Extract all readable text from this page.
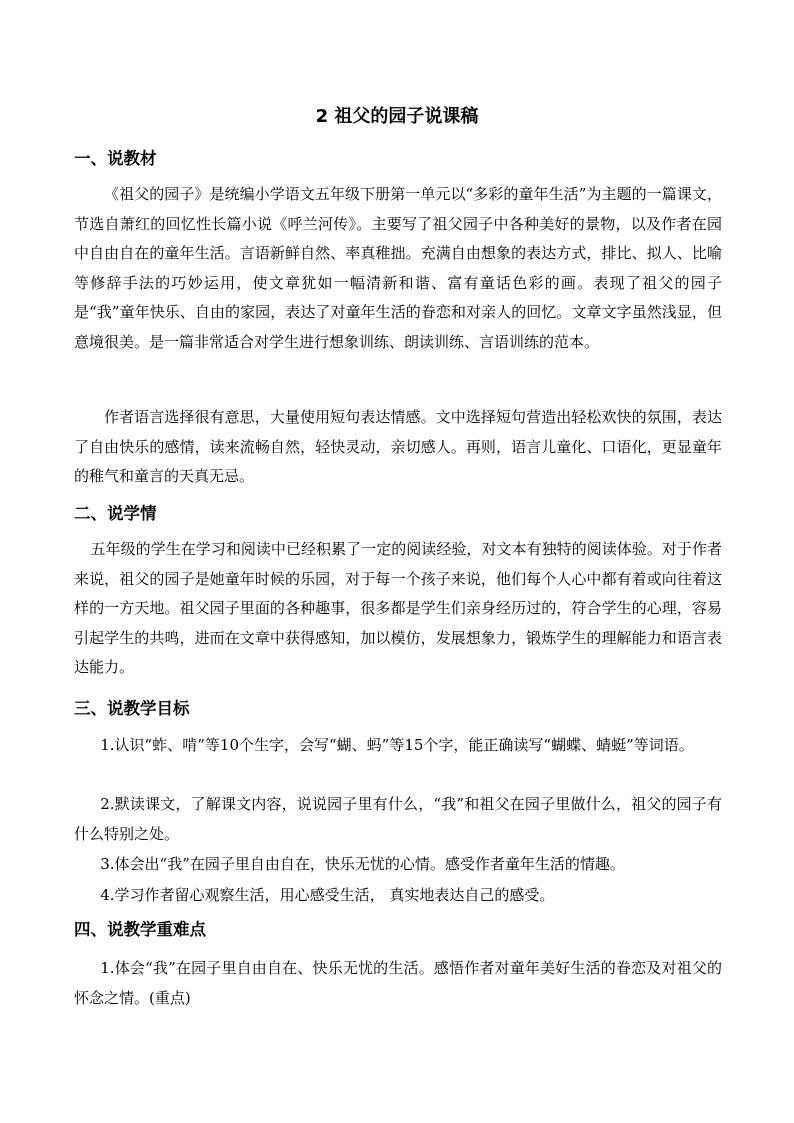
2 祖父的园子说课稿
一、说教材

《祖父的园子》是统编小学语文五年级下册第一单元以“多彩的童年生活”为主题的一篇课文，节选自萧红的回忆性长篇小说《呼兰河传》。主要写了祖父园子中各种美好的景物，以及作者在园中自由自在的童年生活。言语新鲜自然、率真稚拙。充满自由想象的表达方式，排比、拟人、比喻等修辞手法的巧妙运用，使文章犹如一幅清新和谐、富有童话色彩的画。表现了祖父的园子是“我”童年快乐、自由的家园，表达了对童年生活的眷恋和对亲人的回忆。文章文字虽然浅显，但意境很美。是一篇非常适合对学生进行想象训练、朗读训练、言语训练的范本。

作者语言选择很有意思，大量使用短句表达情感。文中选择短句营造出轻松欢快的氛围，表达了自由快乐的感情，读来流畅自然，轻快灵动，亲切感人。再则，语言儿童化、口语化，更显童年的稚气和童言的天真无忌。

二、说学情

五年级的学生在学习和阅读中已经积累了一定的阅读经验，对文本有独特的阅读体验。对于作者来说，祖父的园子是她童年时候的乐园，对于每一个孩子来说，他们每个人心中都有着或向往着这样的一方天地。祖父园子里面的各种趣事，很多都是学生们亲身经历过的，符合学生的心理，容易引起学生的共鸣，进而在文章中获得感知，加以模仿，发展想象力，锻炼学生的理解能力和语言表达能力。

三、说教学目标

1.认识“蚱、啃”等10个生字，会写“蝴、蚂”等15个字，能正确读写“蝴蝶、蜻蜓”等词语。

2.默读课文，了解课文内容，说说园子里有什么，“我”和祖父在园子里做什么，祖父的园子有什么特别之处。

3.体会出“我”在园子里自由自在，快乐无忧的心情。感受作者童年生活的情趣。

4.学习作者留心观察生活，用心感受生活， 真实地表达自己的感受。

四、说教学重难点

1.体会“我”在园子里自由自在、快乐无忧的生活。感悟作者对童年美好生活的眷恋及对祖父的怀念之情。(重点)
